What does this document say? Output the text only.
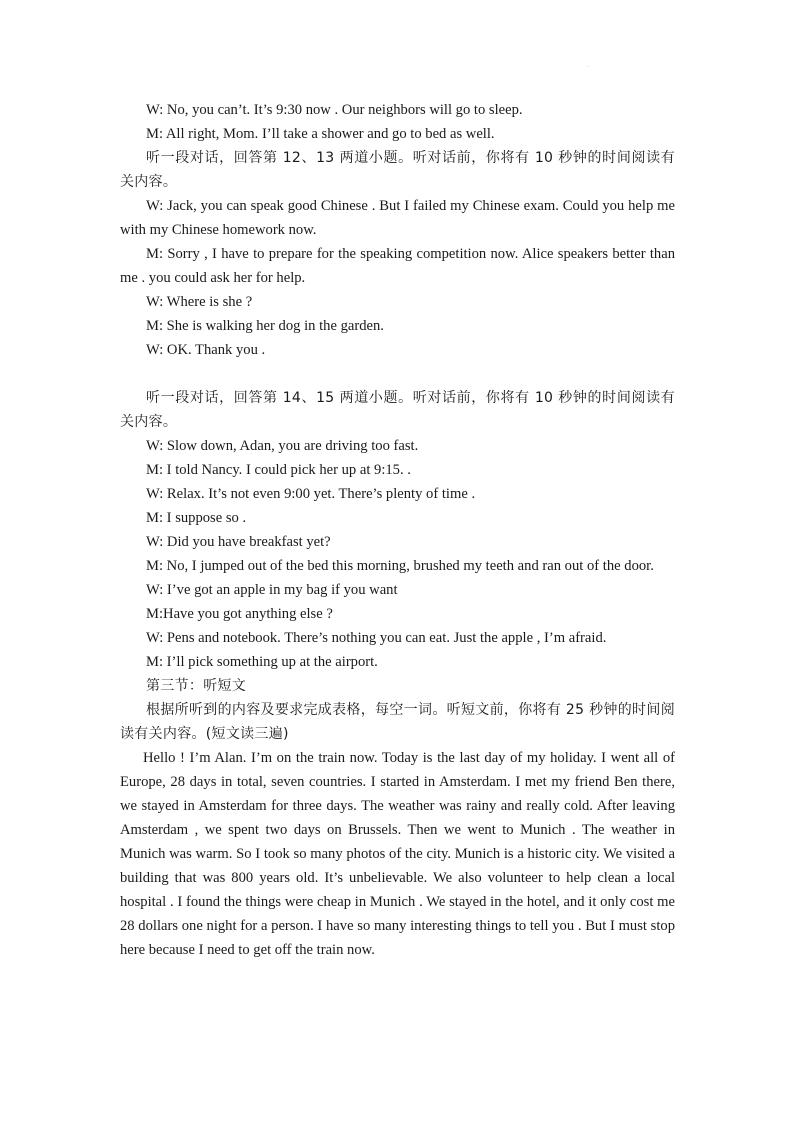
·
W: No, you can’t. It’s 9:30 now . Our neighbors will go to sleep.
M: All right, Mom. I’ll take a shower and go to bed as well.
听一段对话，回答第 12、13 两道小题。听对话前，你将有 10 秒钟的时间阅读有关内容。
W: Jack, you can speak good Chinese . But I failed my Chinese exam. Could you help me with my Chinese homework now.
M: Sorry , I have to prepare for the speaking competition now. Alice speakers better than me . you could ask her for help.
W: Where is she ?
M: She is walking her dog in the garden.
W: OK. Thank you .
听一段对话，回答第 14、15 两道小题。听对话前，你将有 10 秒钟的时间阅读有关内容。
W: Slow down, Adan, you are driving too fast.
M: I told Nancy. I could pick her up at 9:15. .
W: Relax. It’s not even 9:00 yet. There’s plenty of time .
M: I suppose so .
W: Did you have breakfast yet?
M: No, I jumped out of the bed this morning, brushed my teeth and ran out of the door.
W: I’ve got an apple in my bag if you want
M:Have you got anything else ?
W: Pens and notebook. There’s nothing you can eat. Just the apple , I’m afraid.
M: I’ll pick something up at the airport.
第三节：听短文
根据所听到的内容及要求完成表格，每空一词。听短文前，你将有 25 秒钟的时间阅读有关内容。(短文读三遍)
Hello ! I’m Alan. I’m on the train now. Today is the last day of my holiday. I went all of Europe, 28 days in total, seven countries. I started in Amsterdam. I met my friend Ben there, we stayed in Amsterdam for three days. The weather was rainy and really cold. After leaving Amsterdam , we spent two days on Brussels. Then we went to Munich . The weather in Munich was warm. So I took so many photos of the city. Munich is a historic city. We visited a building that was 800 years old. It’s unbelievable. We also volunteer to help clean a local hospital . I found the things were cheap in Munich . We stayed in the hotel, and it only cost me 28 dollars one night for a person. I have so many interesting things to tell you . But I must stop here because I need to get off the train now.
